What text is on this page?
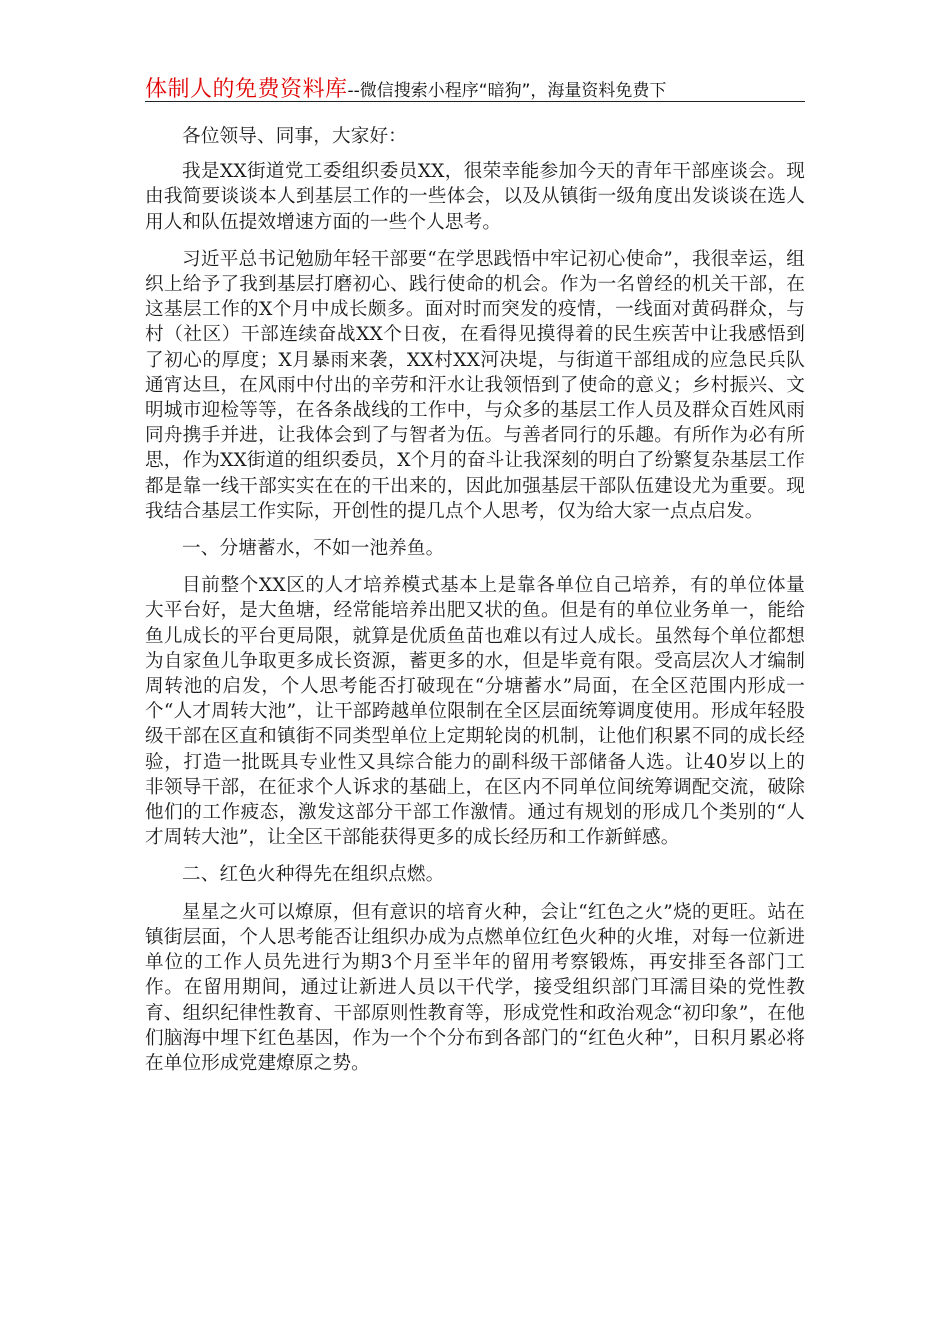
体制人的免费资料库--微信搜索小程序“暗狗”，海量资料免费下

各位领导、同事，大家好：

我是XX街道党工委组织委员XX，很荣幸能参加今天的青年干部座谈会。现由我简要谈谈本人到基层工作的一些体会，以及从镇街一级角度出发谈谈在选人用人和队伍提效增速方面的一些个人思考。

习近平总书记勉励年轻干部要“在学思践悟中牢记初心使命”，我很幸运，组织上给予了我到基层打磨初心、践行使命的机会。作为一名曾经的机关干部，在这基层工作的X个月中成长颇多。面对时而突发的疫情，一线面对黄码群众，与村（社区）干部连续奋战XX个日夜，在看得见摸得着的民生疾苦中让我感悟到了初心的厚度；X月暴雨来袭，XX村XX河决堤，与街道干部组成的应急民兵队通宵达旦，在风雨中付出的辛劳和汗水让我领悟到了使命的意义；乡村振兴、文明城市迎检等等，在各条战线的工作中，与众多的基层工作人员及群众百姓风雨同舟携手并进，让我体会到了与智者为伍。与善者同行的乐趣。有所作为必有所思，作为XX街道的组织委员，X个月的奋斗让我深刻的明白了纷繁复杂基层工作都是靠一线干部实实在在的干出来的，因此加强基层干部队伍建设尤为重要。现我结合基层工作实际，开创性的提几点个人思考，仅为给大家一点点启发。

一、分塘蓄水，不如一池养鱼。

目前整个XX区的人才培养模式基本上是靠各单位自己培养，有的单位体量大平台好，是大鱼塘，经常能培养出肥又状的鱼。但是有的单位业务单一，能给鱼儿成长的平台更局限，就算是优质鱼苗也难以有过人成长。虽然每个单位都想为自家鱼儿争取更多成长资源，蓄更多的水，但是毕竟有限。受高层次人才编制周转池的启发，个人思考能否打破现在“分塘蓄水”局面，在全区范围内形成一个“人才周转大池”，让干部跨越单位限制在全区层面统筹调度使用。形成年轻股级干部在区直和镇街不同类型单位上定期轮岗的机制，让他们积累不同的成长经验，打造一批既具专业性又具综合能力的副科级干部储备人选。让40岁以上的非领导干部，在征求个人诉求的基础上，在区内不同单位间统筹调配交流，破除他们的工作疲态，激发这部分干部工作激情。通过有规划的形成几个类别的“人才周转大池”，让全区干部能获得更多的成长经历和工作新鲜感。

二、红色火种得先在组织点燃。

星星之火可以燎原，但有意识的培育火种，会让“红色之火”烧的更旺。站在镇街层面，个人思考能否让组织办成为点燃单位红色火种的火堆，对每一位新进单位的工作人员先进行为期3个月至半年的留用考察锻炼，再安排至各部门工作。在留用期间，通过让新进人员以干代学，接受组织部门耳濡目染的党性教育、组织纪律性教育、干部原则性教育等，形成党性和政治观念“初印象”，在他们脑海中埋下红色基因，作为一个个分布到各部门的“红色火种”，日积月累必将在单位形成党建燎原之势。
